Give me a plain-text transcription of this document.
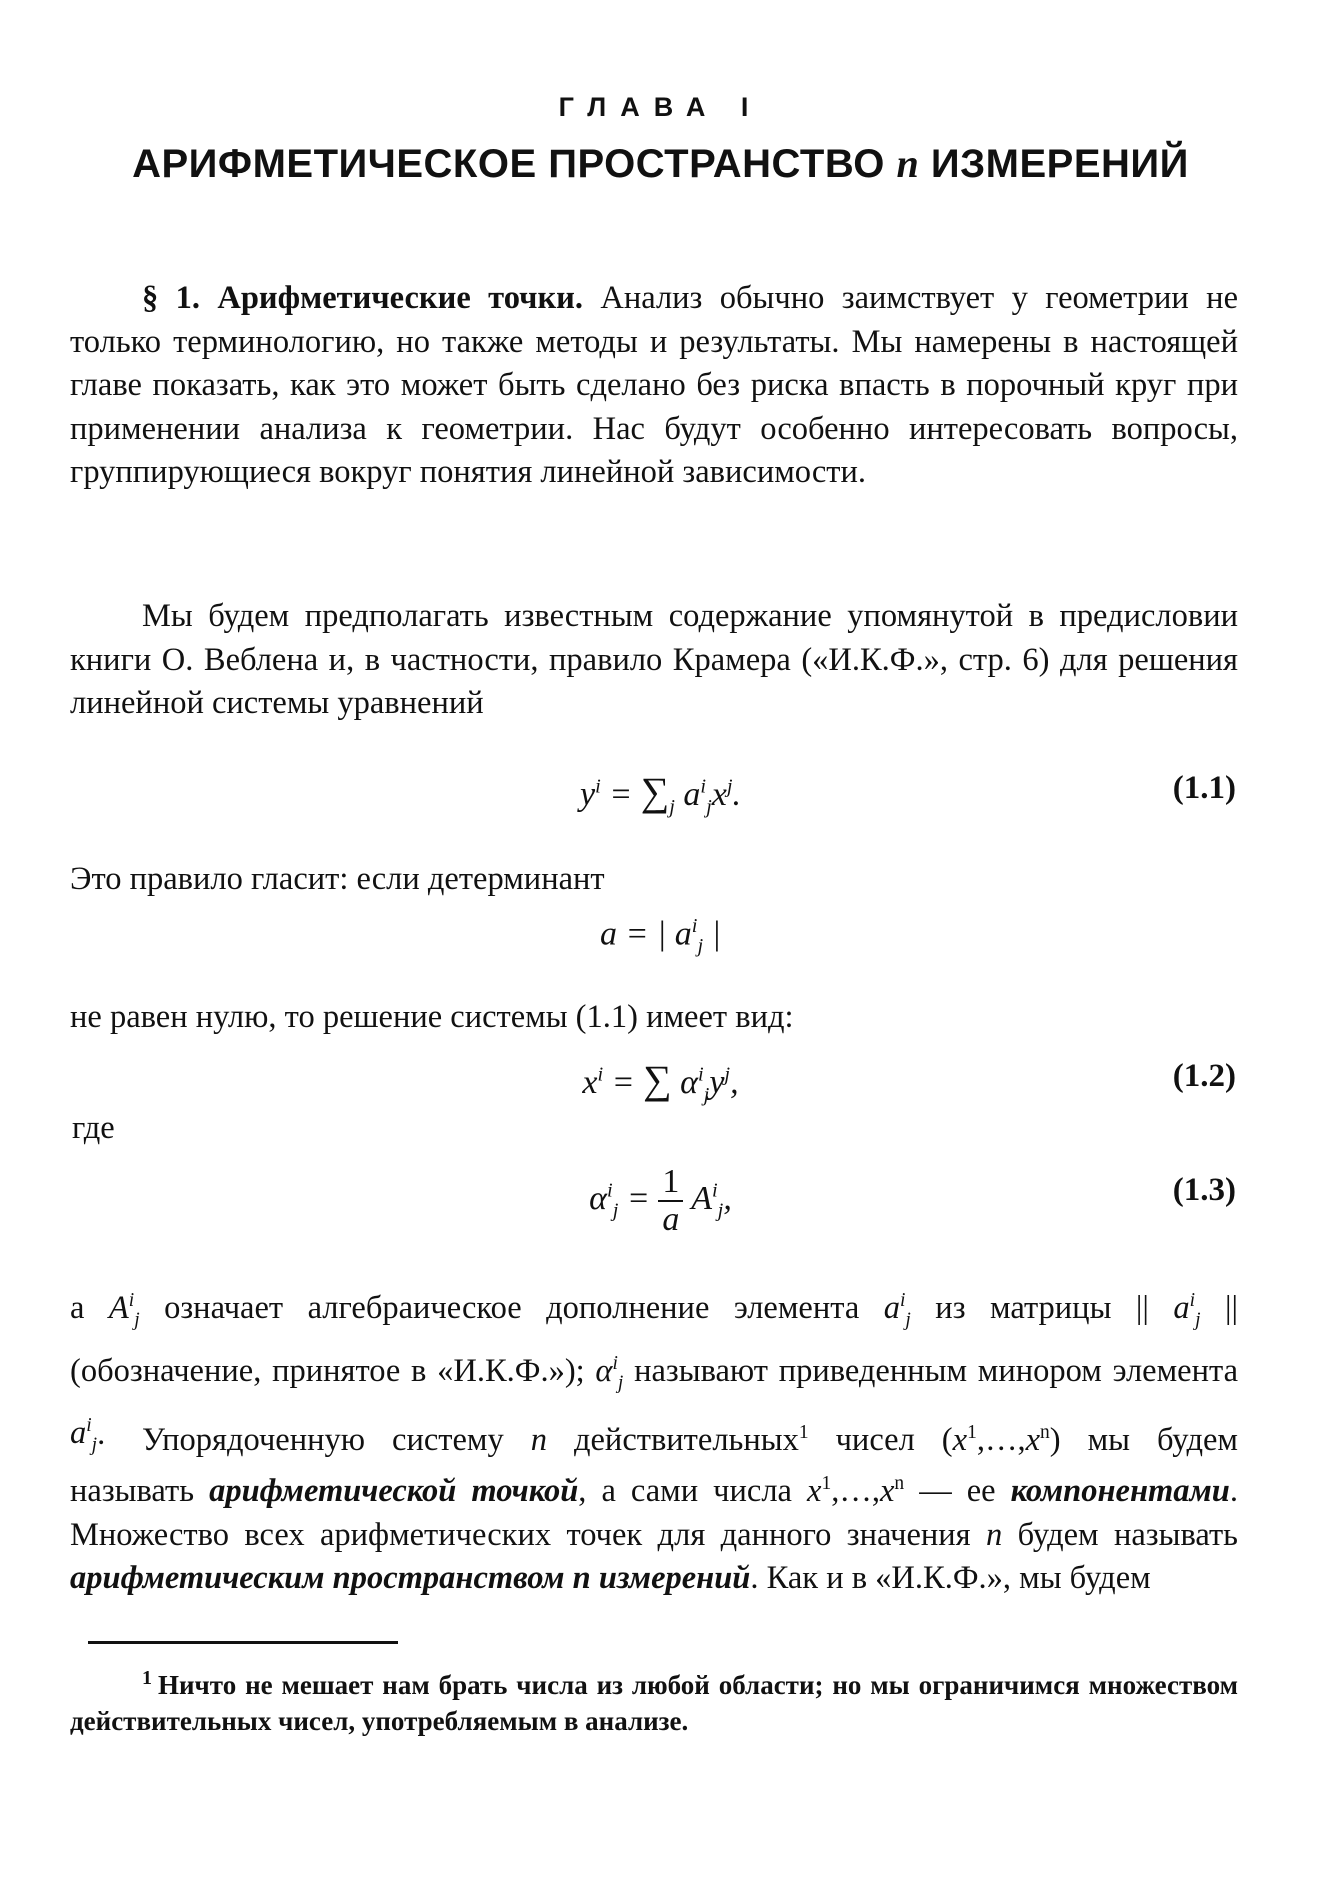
ГЛАВА I
АРИФМЕТИЧЕСКОЕ ПРОСТРАНСТВО n ИЗМЕРЕНИЙ

§ 1. Арифметические точки. Анализ обычно заимствует у геометрии не только терминологию, но также методы и результаты. Мы намерены в настоящей главе показать, как это может быть сделано без риска впасть в порочный круг при применении анализа к геометрии. Нас будут особенно интересовать вопросы, группирующиеся вокруг понятия линейной зависимости.

Мы будем предполагать известным содержание упомянутой в предисловии книги О. Веблена и, в частности, правило Крамера («И.К.Ф.», стр. 6) для решения линейной системы уравнений

$y^i = \sum_j$ $a^i_jx^j$.	(1.1)

Это правило гласит: если детерминант

a = | $a^i_j$ |

не равен нулю, то решение системы (1.1) имеет вид:

$x^i$ = ∑ $\alpha^i_jy^j$,	(1.2)
где
$\alpha^i_j = \frac{1}{a} A^i_j$,	(1.3)

а $A^i_j$ означает алгебраическое дополнение элемента $a^i_j$ из матрицы || $a^i_j$ || (обозначение, принятое в «И.К.Ф.»); $\alpha^i_j$ называют приведенным минором элемента $a^i_j$.	Упорядоченную систему n действительных$^1$ чисел $(x^1,\dots,x^n)$ мы будем называть арифметической точкой, а сами числа $x^1,\dots,x^n$ — ее компонентами. Множество всех арифметических точек для данного значения n будем называть арифметическим пространством n измерений. Как и в «И.К.Ф.», мы будем

$^1$ Ничто не мешает нам брать числа из любой области; но мы ограничимся множеством действительных чисел, употребляемым в анализе.
